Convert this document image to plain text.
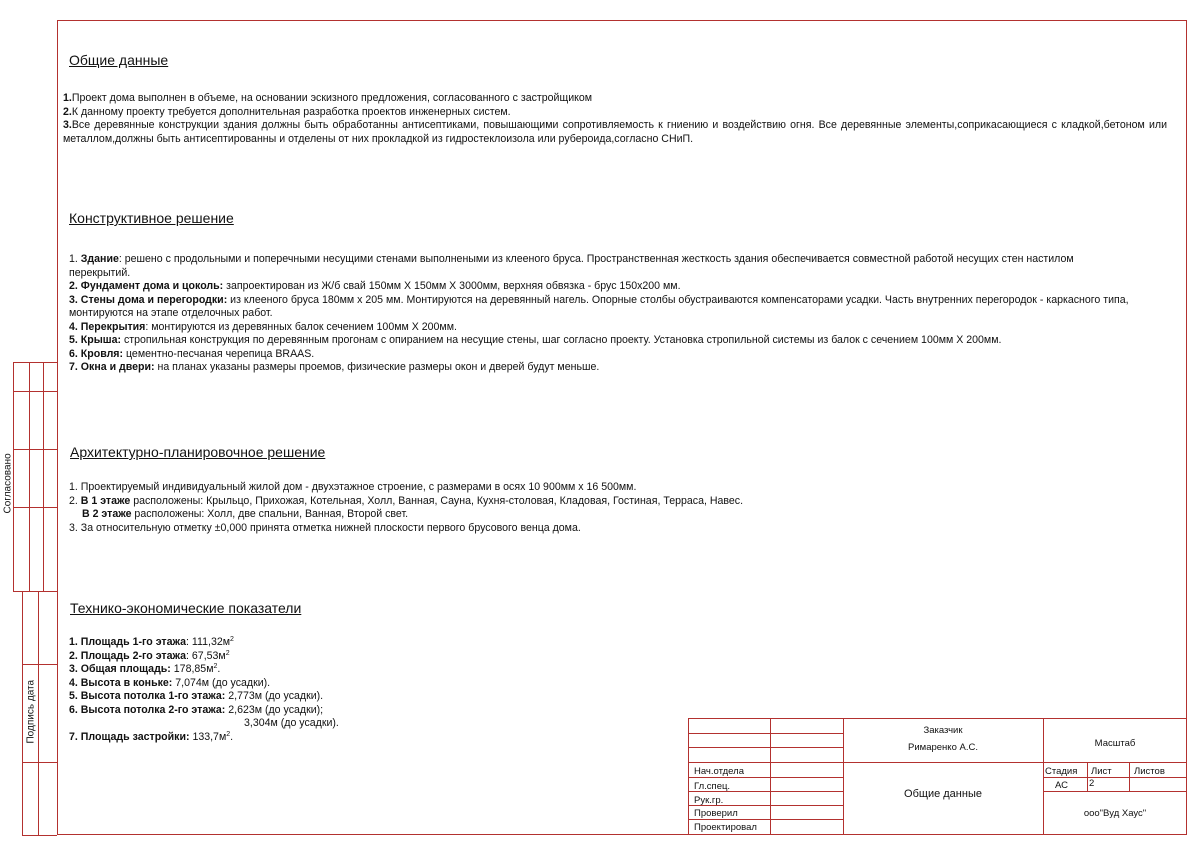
Согласовано
Подпись дата
Общие данные

1.Проект дома выполнен в объеме, на основании эскизного предложения, согласованного с застройщиком

2.К данному проекту требуется дополнительная разработка проектов инженерных систем.

3.Все деревянные конструкции здания должны быть обработанны антисептиками, повышающими сопротивляемость к гниению и воздействию огня. Все деревянные элементы,соприкасающиеся с кладкой,бетоном или металлом,должны быть антисептированны и отделены от них прокладкой из гидростеклоизола или рубероида,согласно СНиП.

Конструктивное решение

1. Здание: решено с продольными и поперечными несущими стенами выполнеными из клееного бруса. Пространственная жесткость здания обеспечивается совместной работой несущих стен настилом перекрытий.

2. Фундамент дома и цоколь: запроектирован из Ж/б свай 150мм Х 150мм Х 3000мм, верхняя обвязка - брус 150х200 мм.

3. Стены дома и перегородки: из клееного бруса 180мм х 205 мм. Монтируются на деревянный нагель. Опорные столбы обустраиваются компенсаторами усадки. Часть внутренних перегородок - каркасного типа, монтируются на этапе отделочных работ.

4. Перекрытия: монтируются из деревянных балок сечением 100мм Х 200мм.

5. Крыша: стропильная конструкция по деревянным прогонам с опиранием на несущие стены, шаг согласно проекту. Установка стропильной системы из балок с сечением 100мм Х 200мм.

6. Кровля: цементно-песчаная черепица BRAAS.

7. Окна и двери: на планах указаны размеры проемов, физические размеры окон и дверей будут меньше.

Архитектурно-планировочное решение

1. Проектируемый индивидуальный жилой дом - двухэтажное строение, с размерами в осях 10 900мм х 16 500мм.

2. В 1 этаже расположены: Крыльцо, Прихожая, Котельная, Холл, Ванная, Сауна, Кухня-столовая, Кладовая, Гостиная, Терраса, Навес.

В 2 этаже расположены: Холл, две спальни, Ванная, Второй свет.

3. За относительную отметку ±0,000 принята отметка нижней плоскости первого брусового венца дома.

Технико-экономические показатели

1. Площадь 1-го этажа: $111,32м^2$

2. Площадь 2-го этажа: $67,53м^2$

3. Общая площадь: $178,85м^2$.

4. Высота в коньке: 7,074м (до усадки).

5. Высота потолка 1-го этажа: 2,773м (до усадки).

6. Высота потолка 2-го этажа: 2,623м (до усадки);

3,304м (до усадки).

7. Площадь застройки: $133,7м^2$.	Заказчик
Римаренко А.С.	Масштаб
Нач.отдела
Гл.спец.
Рук.гр.
Проверил
Проектировал
Общие данные
Стадия Лист Листов
АС 2
ооо"Вуд Хаус"
